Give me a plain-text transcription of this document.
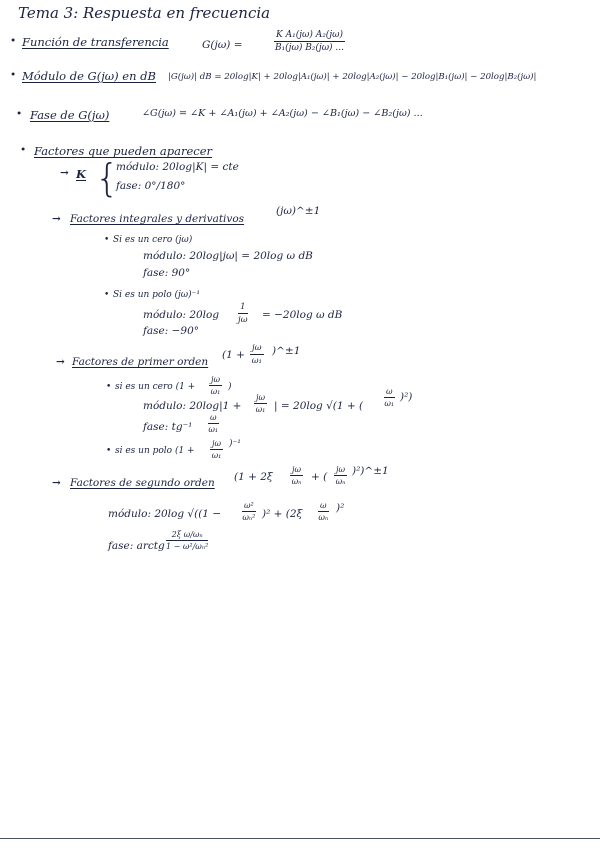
Tema 3: Respuesta en frecuencia
• Función de transferencia	G(jω) =	$\frac{\text{K A₁(jω) A₂(jω)}}{\text{B₁(jω) B₂(jω) ...}}$
• Módulo de G(jω) en dB |G(jω)| dB = 20log|K| + 20log|A₁(jω)| + 20log|A₂(jω)| − 20log|B₁(jω)| − 20log|B₂(jω)|
• Fase de G(jω)	∠G(jω) = ∠K + ∠A₁(jω) + ∠A₂(jω) − ∠B₁(jω) − ∠B₂(jω) ...
• Factores que pueden aparecer
→ K {
módulo: 20log|K| = cte
fase: 0°/180°
→ Factores integrales y derivativos
(jω)^±1
• Si es un cero (jω)
módulo: 20log|jω| = 20log ω dB
fase: 90°
• Si es un polo (jω)⁻¹
módulo: $20\log \frac{1}{j\omega} = -20\log$ ω dB
fase: −90°
→ Factores de primer orden
($1 + \frac{j\omega}{\text{ω₁}}$ )^±1
• si es un cero ($1 + \frac{j\omega}{\text{ω₁}}$ )
módulo: $20\log|1 + \frac{j\omega}{\text{ω₁}}$ | = 20log √(1 + (	$\frac{\omega}{\text{ω₁}} )^2$)
fase: $tg^{-1} \frac{\omega}{\text{ω₁}}$
• si es un polo $(1 + \frac{j\omega}{\text{ω₁}} )^{-1}$
→ Factores de segundo orden ($1 + 2\xi \frac{j\omega}{\text{ωₙ}}$ + ( $\frac{j\omega}{\text{ωₙ}}$ )²)^±1
módulo: 20log √((1 −	$\frac{\text{ω²}}{\text{ωₙ²}} )^2 + (2\xi \frac{\omega}{\text{ωₙ}} )^2$
fase: arctg $\frac{\text{2ξ ω/ωₙ}}{\text{1 − ω²/ωₙ²}}$
